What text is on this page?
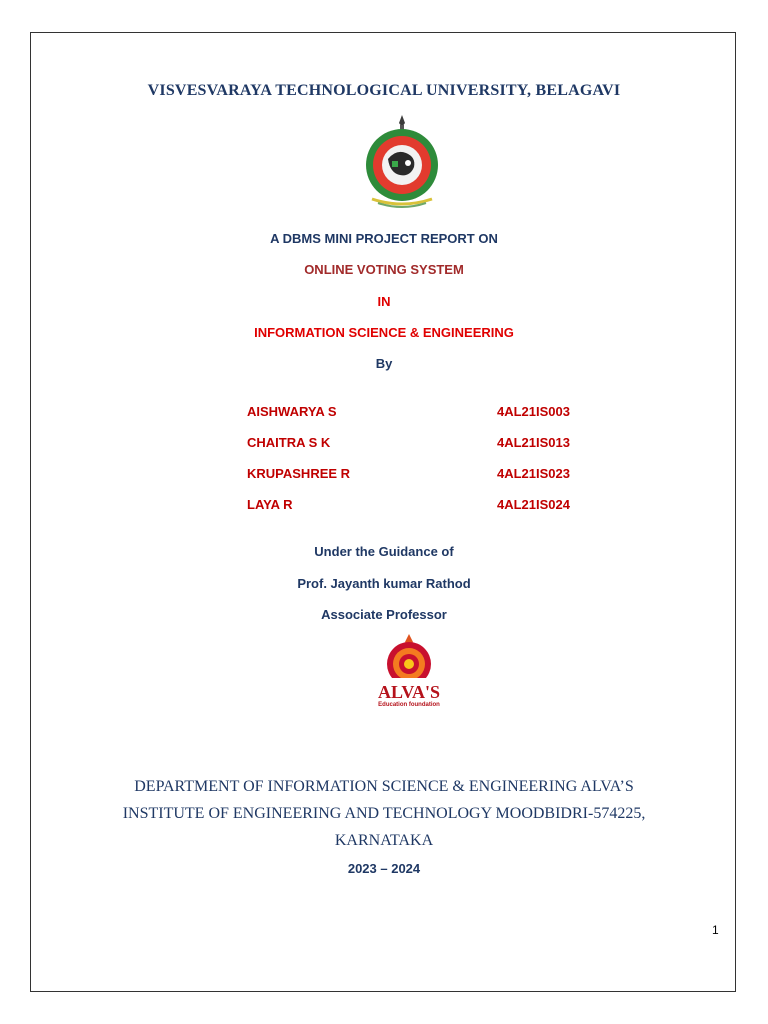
VISVESVARAYA TECHNOLOGICAL UNIVERSITY, BELAGAVI
A DBMS MINI PROJECT REPORT ON
ONLINE VOTING SYSTEM
IN
INFORMATION SCIENCE & ENGINEERING
By
AISHWARYA S	4AL21IS003
CHAITRA S K	4AL21IS013
KRUPASHREE R	4AL21IS023
LAYA R	4AL21IS024
Under the Guidance of
Prof. Jayanth kumar Rathod
Associate Professor
ALVA'S
Education foundation
DEPARTMENT OF INFORMATION SCIENCE & ENGINEERING ALVA’S
INSTITUTE OF ENGINEERING AND TECHNOLOGY MOODBIDRI-574225,
KARNATAKA
2023 – 2024
1
